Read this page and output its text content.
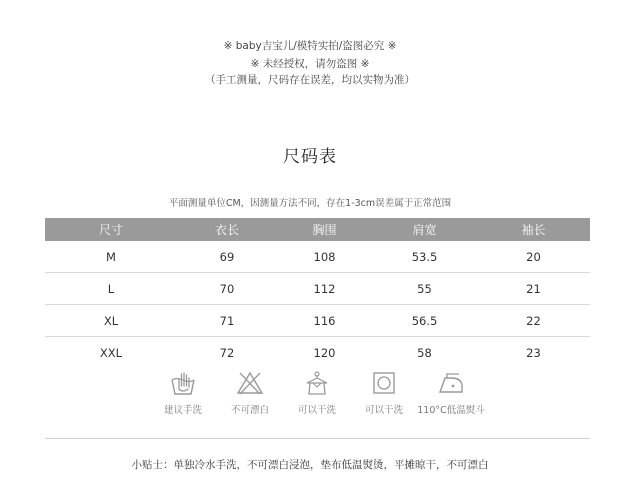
※ baby吉宝儿/模特实拍/盗图必究 ※
※ 未经授权，请勿盗图 ※
（手工测量，尺码存在误差，均以实物为准）
尺码表
平面测量单位CM，因测量方法不同，存在1-3cm误差属于正常范围
尺寸	衣长	胸围	肩宽	袖长
M	69	108	53.5	20
L	70	112	55	21
XL	71	116	56.5	22
XXL	72	120	58	23
建议手洗	不可漂白	可以干洗	可以干洗 110°C低温熨斗
小贴士：单独冷水手洗，不可漂白浸泡，垫布低温熨烫，平摊晾干，不可漂白
